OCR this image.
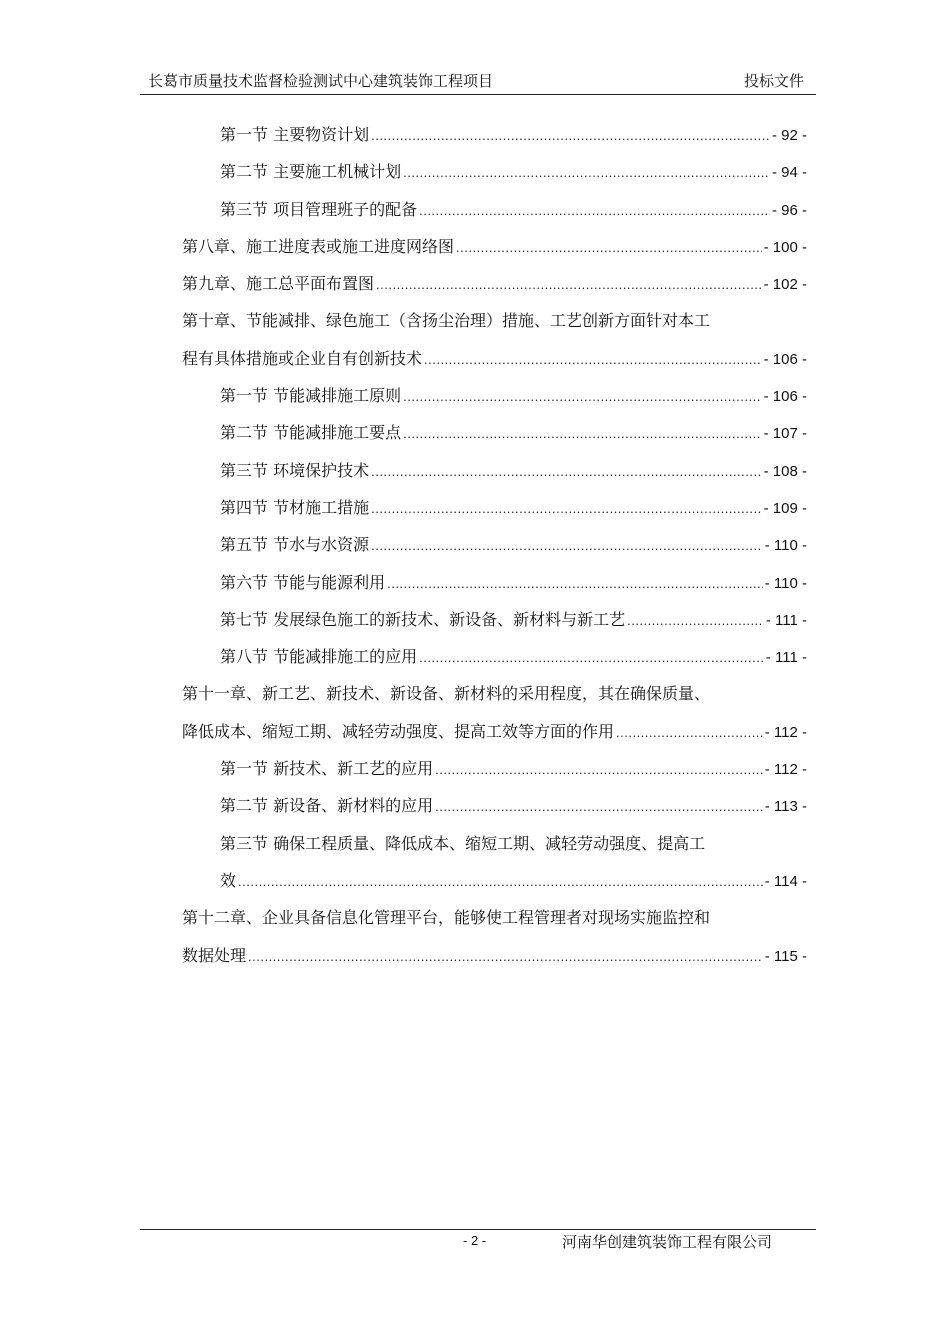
长葛市质量技术监督检验测试中心建筑装饰工程项目	投标文件
第一节 主要物资计划 .....	- 92 -
第二节 主要施工机械计划 .....	- 94 -
第三节 项目管理班子的配备 .....	- 96 -
第八章、施工进度表或施工进度网络图 .....	- 100 -
第九章、施工总平面布置图 .....	- 102 -
第十章、节能减排、绿色施工（含扬尘治理）措施、工艺创新方面针对本工
程有具体措施或企业自有创新技术 .....	- 106 -
第一节 节能减排施工原则 .....	- 106 -
第二节 节能减排施工要点 .....	- 107 -
第三节 环境保护技术 .....	- 108 -
第四节 节材施工措施 .....	- 109 -
第五节 节水与水资源 .....	- 110 -
第六节 节能与能源利用 .....	- 110 -
第七节 发展绿色施工的新技术、新设备、新材料与新工艺 .....	- 111 -
第八节 节能减排施工的应用 .....	- 111 -
第十一章、新工艺、新技术、新设备、新材料的采用程度，其在确保质量、
降低成本、缩短工期、减轻劳动强度、提高工效等方面的作用 .....	- 112 -
第一节 新技术、新工艺的应用 .....	- 112 -
第二节 新设备、新材料的应用 .....	- 113 -
第三节 确保工程质量、降低成本、缩短工期、减轻劳动强度、提高工
效 .....	- 114 -
第十二章、企业具备信息化管理平台，能够使工程管理者对现场实施监控和
数据处理 .....	- 115 -
- 2 -	河南华创建筑装饰工程有限公司
